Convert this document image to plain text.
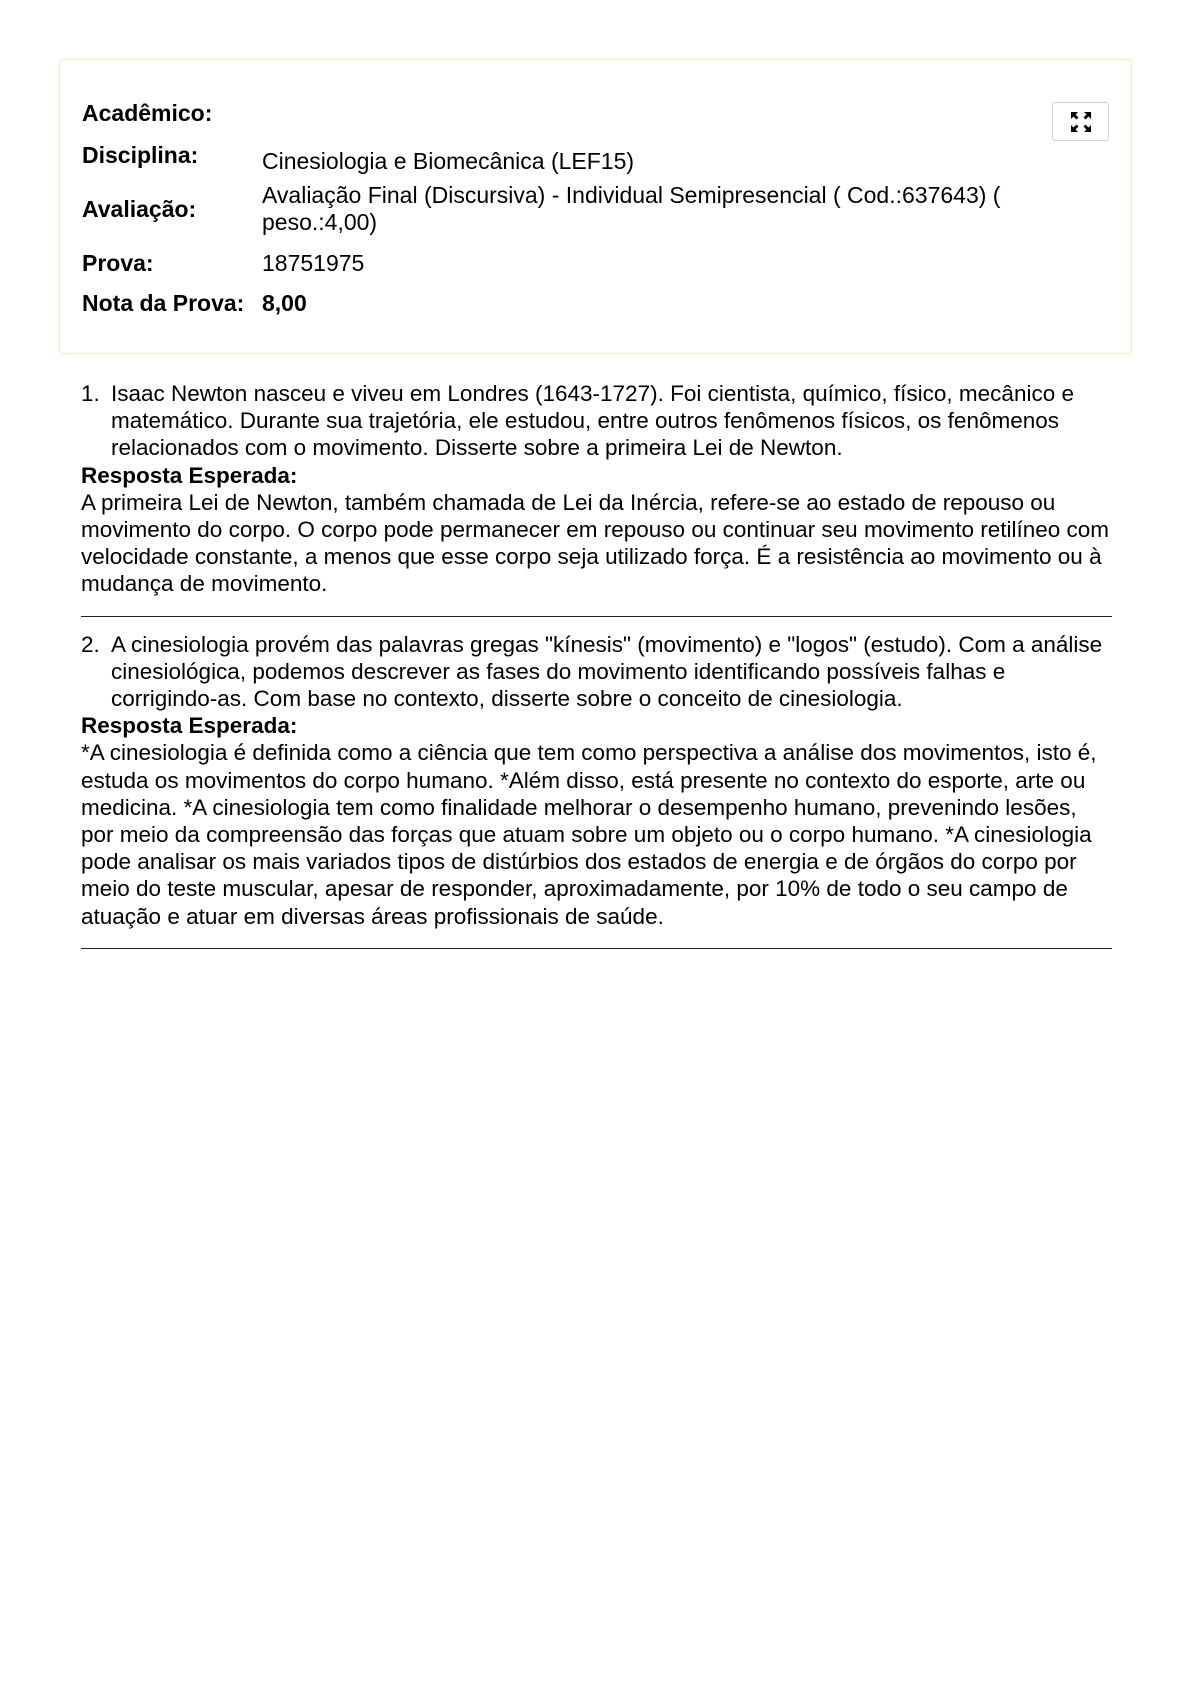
Acadêmico:
Disciplina:	Cinesiologia e Biomecânica (LEF15)
Avaliação:
Avaliação Final (Discursiva) - Individual Semipresencial ( Cod.:637643) (
peso.:4,00)
Prova:	18751975
Nota da Prova: 8,00
1. Isaac Newton nasceu e viveu em Londres (1643-1727). Foi cientista, químico, físico, mecânico e matemático. Durante sua trajetória, ele estudou, entre outros fenômenos físicos, os fenômenos relacionados com o movimento. Disserte sobre a primeira Lei de Newton.
Resposta Esperada:
A primeira Lei de Newton, também chamada de Lei da Inércia, refere-se ao estado de repouso ou movimento do corpo. O corpo pode permanecer em repouso ou continuar seu movimento retilíneo com velocidade constante, a menos que esse corpo seja utilizado força. É a resistência ao movimento ou à mudança de movimento.
2. A cinesiologia provém das palavras gregas "kínesis" (movimento) e "logos" (estudo). Com a análise cinesiológica, podemos descrever as fases do movimento identificando possíveis falhas e corrigindo-as. Com base no contexto, disserte sobre o conceito de cinesiologia.
Resposta Esperada:
*A cinesiologia é definida como a ciência que tem como perspectiva a análise dos movimentos, isto é, estuda os movimentos do corpo humano. *Além disso, está presente no contexto do esporte, arte ou medicina. *A cinesiologia tem como finalidade melhorar o desempenho humano, prevenindo lesões, por meio da compreensão das forças que atuam sobre um objeto ou o corpo humano. *A cinesiologia pode analisar os mais variados tipos de distúrbios dos estados de energia e de órgãos do corpo por meio do teste muscular, apesar de responder, aproximadamente, por 10% de todo o seu campo de atuação e atuar em diversas áreas profissionais de saúde.
